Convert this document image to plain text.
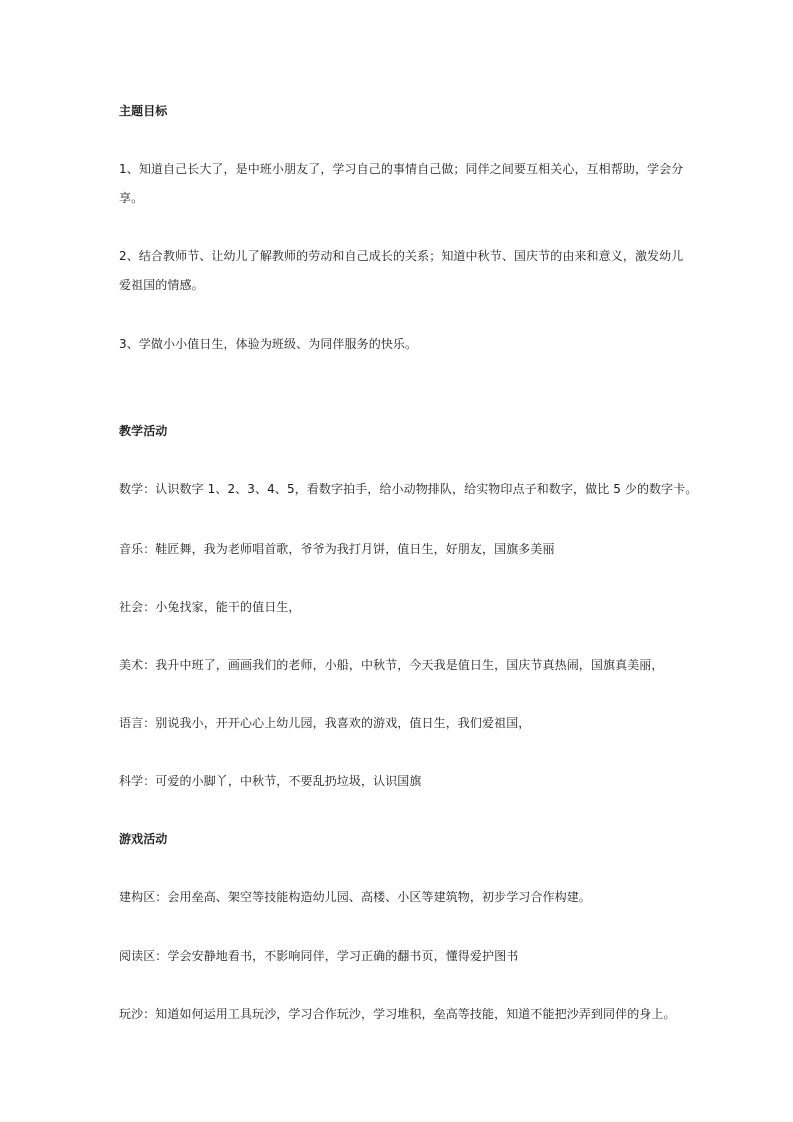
主题目标
1、知道自己长大了，是中班小朋友了，学习自己的事情自己做；同伴之间要互相关心，互相帮助，学会分享。
2、结合教师节、让幼儿了解教师的劳动和自己成长的关系；知道中秋节、国庆节的由来和意义，激发幼儿爱祖国的情感。
3、学做小小值日生，体验为班级、为同伴服务的快乐。
教学活动
数学：认识数字 1、2、3、4、5，看数字拍手，给小动物排队，给实物印点子和数字，做比 5 少的数字卡。
音乐：鞋匠舞，我为老师唱首歌，爷爷为我打月饼，值日生，好朋友，国旗多美丽
社会：小兔找家，能干的值日生，
美术：我升中班了，画画我们的老师，小船，中秋节，今天我是值日生，国庆节真热闹，国旗真美丽，
语言：别说我小，开开心心上幼儿园，我喜欢的游戏，值日生，我们爱祖国，
科学：可爱的小脚丫，中秋节，不要乱扔垃圾，认识国旗
游戏活动
建构区：会用垒高、架空等技能构造幼儿园、高楼、小区等建筑物，初步学习合作构建。
阅读区：学会安静地看书，不影响同伴，学习正确的翻书页，懂得爱护图书
玩沙：知道如何运用工具玩沙，学习合作玩沙，学习堆积，垒高等技能，知道不能把沙弄到同伴的身上。
